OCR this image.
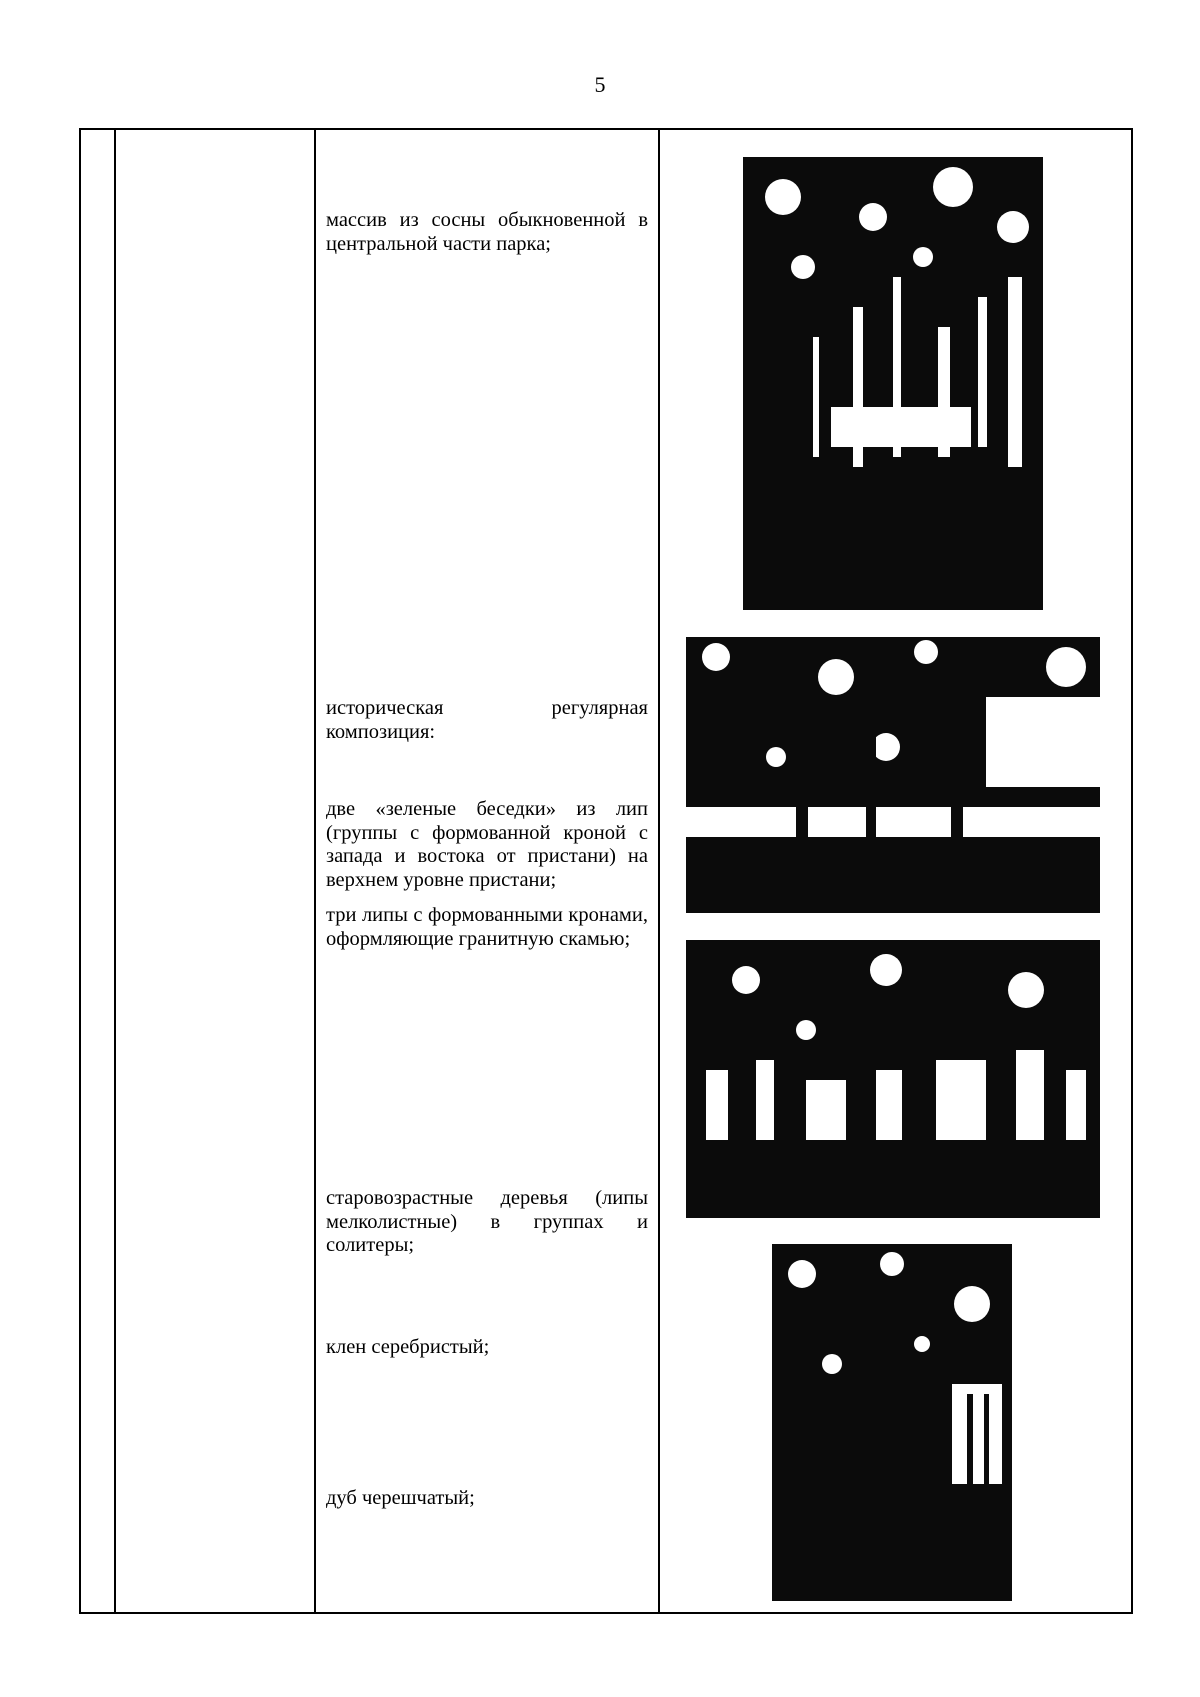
5
массив из сосны обыкновенной в центральной части парка;
историческая регулярная композиция:
две «зеленые беседки» из лип (группы с формованной кроной с запада и востока от пристани) на верхнем уровне пристани;
три липы с формованными кронами, оформляющие гранитную скамью;
старовозрастные деревья (липы мелколистные) в группах и солитеры;
клен серебристый;
дуб черешчатый;
